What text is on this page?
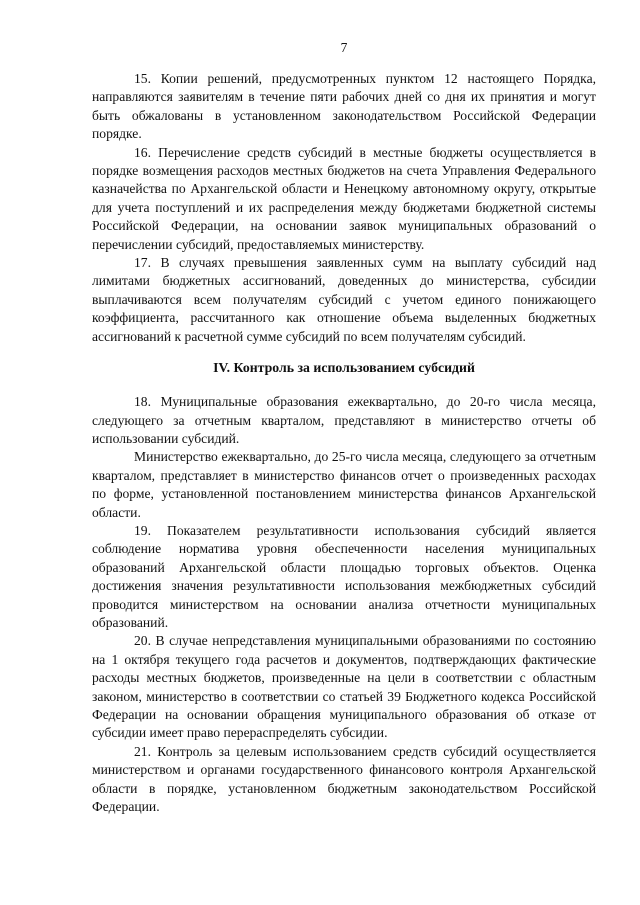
7

15. Копии решений, предусмотренных пунктом 12 настоящего Порядка, направляются заявителям в течение пяти рабочих дней со дня их принятия и могут быть обжалованы в установленном законодательством Российской Федерации порядке.

16. Перечисление средств субсидий в местные бюджеты осуществляется в порядке возмещения расходов местных бюджетов на счета Управления Федерального казначейства по Архангельской области и Ненецкому автономному округу, открытые для учета поступлений и их распределения между бюджетами бюджетной системы Российской Федерации, на основании заявок муниципальных образований о перечислении субсидий, предоставляемых министерству.

17. В случаях превышения заявленных сумм на выплату субсидий над лимитами бюджетных ассигнований, доведенных до министерства, субсидии выплачиваются всем получателям субсидий с учетом единого понижающего коэффициента, рассчитанного как отношение объема выделенных бюджетных ассигнований к расчетной сумме субсидий по всем получателям субсидий.

IV. Контроль за использованием субсидий

18. Муниципальные образования ежеквартально, до 20-го числа месяца, следующего за отчетным кварталом, представляют в министерство отчеты об использовании субсидий.

Министерство ежеквартально, до 25-го числа месяца, следующего за отчетным кварталом, представляет в министерство финансов отчет о произведенных расходах по форме, установленной постановлением министерства финансов Архангельской области.

19. Показателем результативности использования субсидий является соблюдение норматива уровня обеспеченности населения муниципальных образований Архангельской области площадью торговых объектов. Оценка достижения значения результативности использования межбюджетных субсидий проводится министерством на основании анализа отчетности муниципальных образований.

20. В случае непредставления муниципальными образованиями по состоянию на 1 октября текущего года расчетов и документов, подтверждающих фактические расходы местных бюджетов, произведенные на цели в соответствии с областным законом, министерство в соответствии со статьей 39 Бюджетного кодекса Российской Федерации на основании обращения муниципального образования об отказе от субсидии имеет право перераспределять субсидии.

21. Контроль за целевым использованием средств субсидий осуществляется министерством и органами государственного финансового контроля Архангельской области в порядке, установленном бюджетным законодательством Российской Федерации.
